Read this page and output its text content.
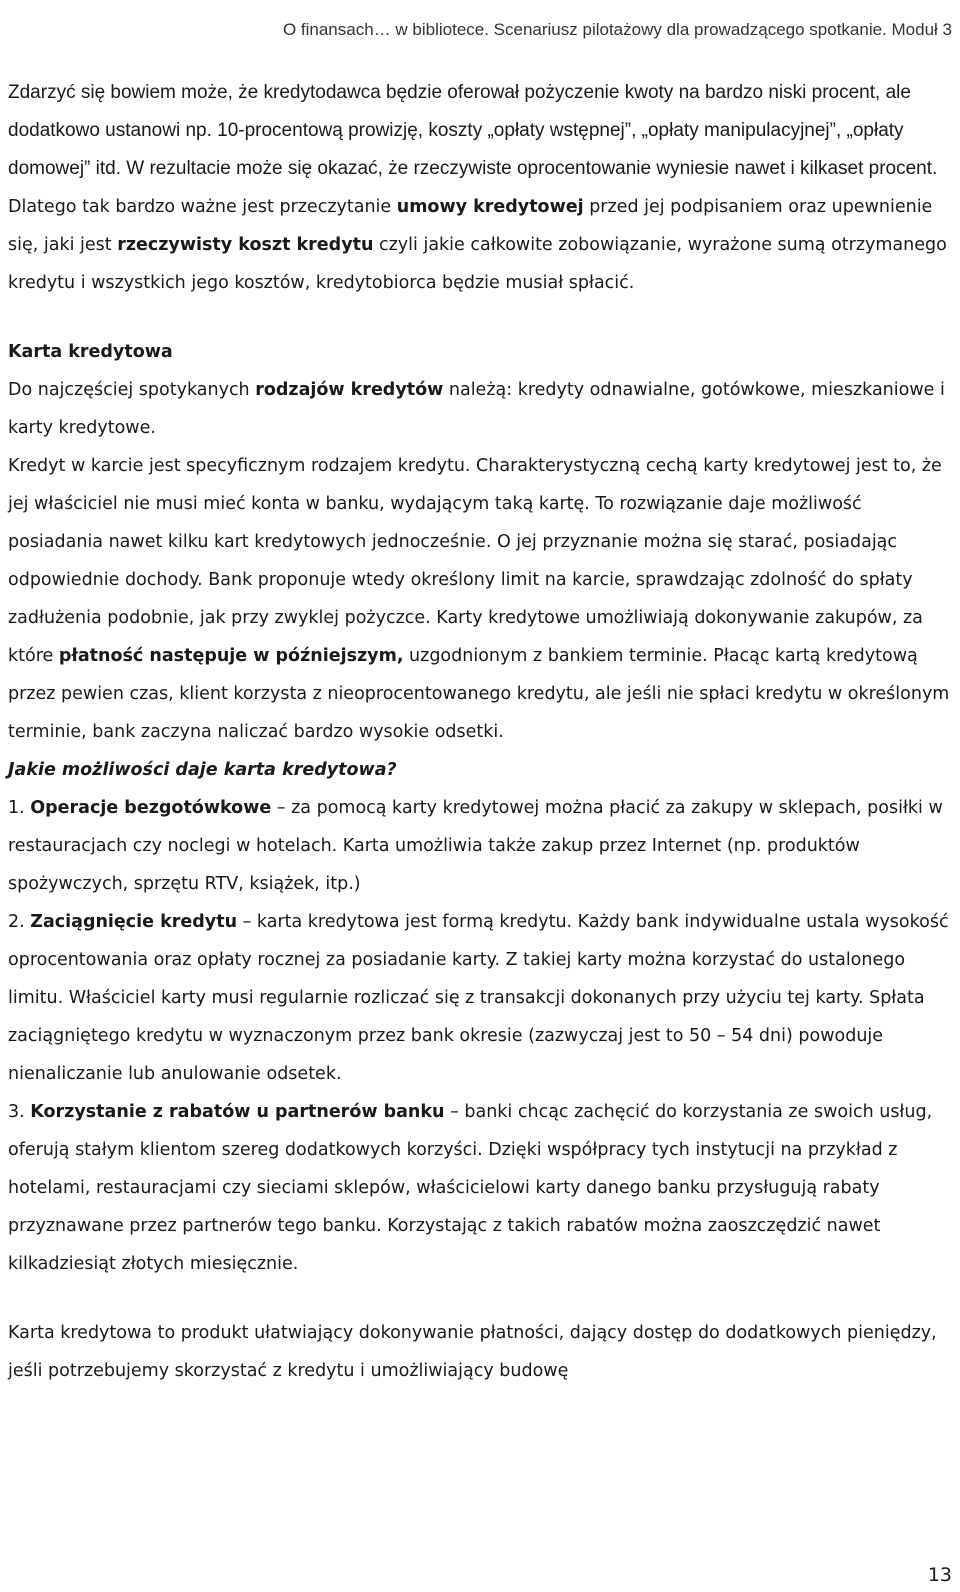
O finansach… w bibliotece. Scenariusz pilotażowy dla prowadzącego spotkanie. Moduł 3

Zdarzyć się bowiem może, że kredytodawca będzie oferował pożyczenie kwoty na bardzo niski procent, ale dodatkowo ustanowi np. 10-procentową prowizję, koszty „opłaty wstępnej”, „opłaty manipulacyjnej”, „opłaty domowej” itd. W rezultacie może się okazać, że rzeczywiste oprocentowanie wyniesie nawet i kilkaset procent. Dlatego tak bardzo ważne jest przeczytanie umowy kredytowej przed jej podpisaniem oraz upewnienie się, jaki jest rzeczywisty koszt kredytu czyli jakie całkowite zobowiązanie, wyrażone sumą otrzymanego kredytu i wszystkich jego kosztów, kredytobiorca będzie musiał spłacić.

Karta kredytowa

Do najczęściej spotykanych rodzajów kredytów należą: kredyty odnawialne, gotówkowe, mieszkaniowe i karty kredytowe.

Kredyt w karcie jest specyficznym rodzajem kredytu. Charakterystyczną cechą karty kredytowej jest to, że jej właściciel nie musi mieć konta w banku, wydającym taką kartę. To rozwiązanie daje możliwość posiadania nawet kilku kart kredytowych jednocześnie. O jej przyznanie można się starać, posiadając odpowiednie dochody. Bank proponuje wtedy określony limit na karcie, sprawdzając zdolność do spłaty zadłużenia podobnie, jak przy zwyklej pożyczce. Karty kredytowe umożliwiają dokonywanie zakupów, za które płatność następuje w późniejszym, uzgodnionym z bankiem terminie. Płacąc kartą kredytową przez pewien czas, klient korzysta z nieoprocentowanego kredytu, ale jeśli nie spłaci kredytu w określonym terminie, bank zaczyna naliczać bardzo wysokie odsetki.

Jakie możliwości daje karta kredytowa?

1. Operacje bezgotówkowe – za pomocą karty kredytowej można płacić za zakupy w sklepach, posiłki w restauracjach czy noclegi w hotelach. Karta umożliwia także zakup przez Internet (np. produktów spożywczych, sprzętu RTV, książek, itp.)

2. Zaciągnięcie kredytu – karta kredytowa jest formą kredytu. Każdy bank indywidualne ustala wysokość oprocentowania oraz opłaty rocznej za posiadanie karty. Z takiej karty można korzystać do ustalonego limitu. Właściciel karty musi regularnie rozliczać się z transakcji dokonanych przy użyciu tej karty. Spłata zaciągniętego kredytu w wyznaczonym przez bank okresie (zazwyczaj jest to 50 – 54 dni) powoduje nienaliczanie lub anulowanie odsetek.

3. Korzystanie z rabatów u partnerów banku – banki chcąc zachęcić do korzystania ze swoich usług, oferują stałym klientom szereg dodatkowych korzyści. Dzięki współpracy tych instytucji na przykład z hotelami, restauracjami czy sieciami sklepów, właścicielowi karty danego banku przysługują rabaty przyznawane przez partnerów tego banku. Korzystając z takich rabatów można zaoszczędzić nawet kilkadziesiąt złotych miesięcznie.

Karta kredytowa to produkt ułatwiający dokonywanie płatności, dający dostęp do dodatkowych pieniędzy, jeśli potrzebujemy skorzystać z kredytu i umożliwiający budowę

13
